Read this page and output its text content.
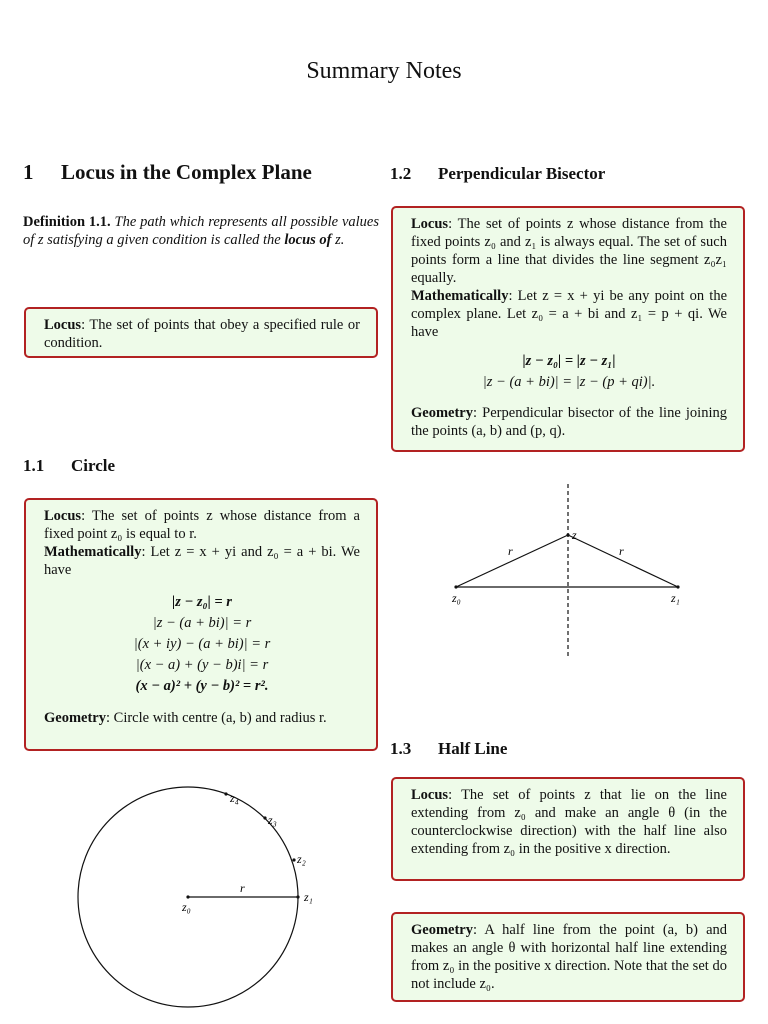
Summary Notes
1 Locus in the Complex Plane
Definition 1.1. The path which represents all possible values of z satisfying a given condition is called the locus of z.

Locus: The set of points that obey a specified rule or condition.

1.1 Circle

Locus: The set of points z whose distance from a fixed point z₀ is equal to r.

Mathematically: Let z = x + yi and z₀ = a + bi. We have

|z − z₀| = r

|z − (a + bi)| = r

|(x + iy) − (a + bi)| = r

|(x − a) + (y − b)i| = r

(x − a)² + (y − b)² = r².

Geometry: Circle with centre (a, b) and radius r.

z₀
r
z₁
z₂
z₃
z₄
1.2 Perpendicular Bisector

Locus: The set of points z whose distance from the fixed points z₀ and z₁ is always equal. The set of such points form a line that divides the line segment z₀z₁ equally.

Mathematically: Let z = x + yi be any point on the complex plane. Let z₀ = a + bi and z₁ = p + qi. We have

|z − z₀| = |z − z₁|

|z − (a + bi)| = |z − (p + qi)|.

Geometry: Perpendicular bisector of the line joining the points (a, b) and (p, q).

z₀	z₁
z
r	r
1.3 Half Line

Locus: The set of points z that lie on the line extending from z₀ and make an angle θ (in the counterclockwise direction) with the half line also extending from z₀ in the positive x direction.

Geometry: A half line from the point (a, b) and makes an angle θ with horizontal half line extending from z₀ in the positive x direction. Note that the set do not include z₀.
